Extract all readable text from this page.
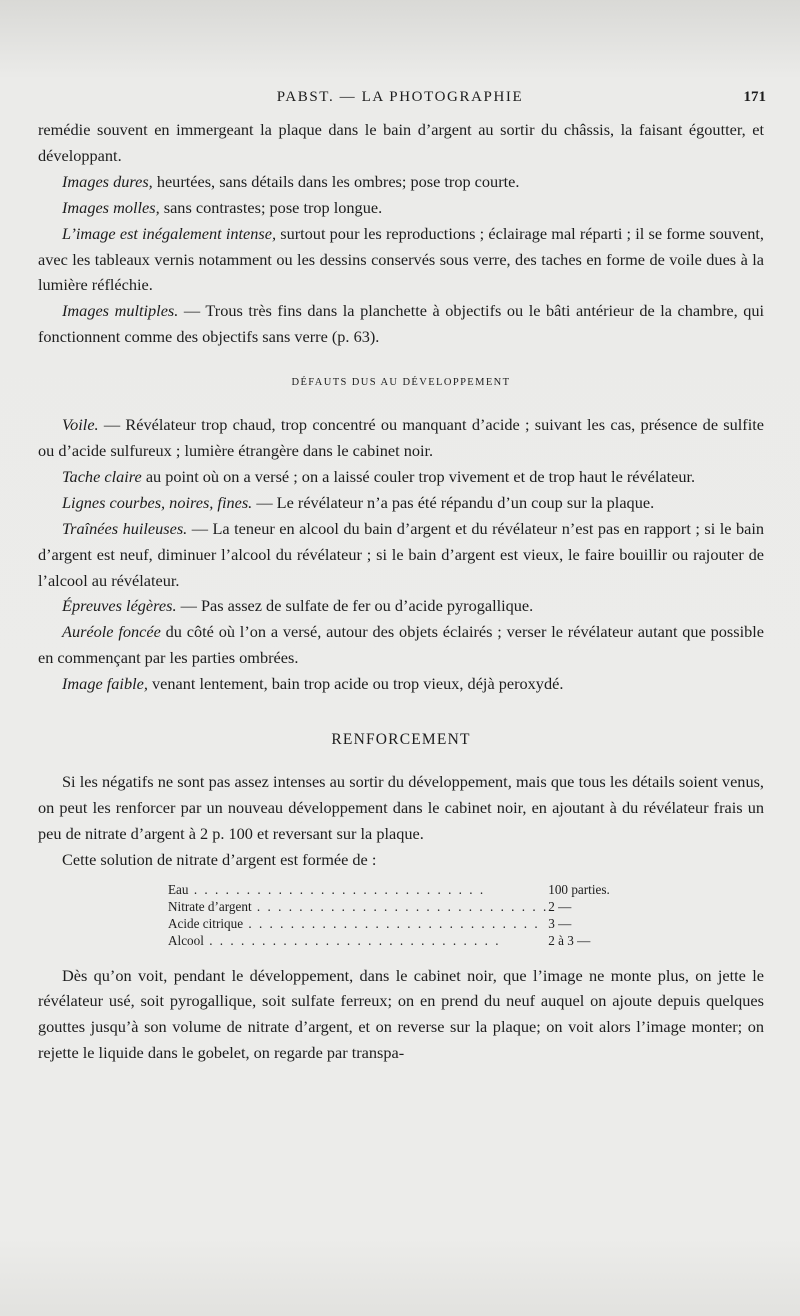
PABST. — LA PHOTOGRAPHIE	171

remédie souvent en immergeant la plaque dans le bain d’argent au sortir du châssis, la faisant égoutter, et développant.

Images dures, heurtées, sans détails dans les ombres; pose trop courte.

Images molles, sans contrastes; pose trop longue.

L’image est inégalement intense, surtout pour les reproductions ; éclairage mal réparti ; il se forme souvent, avec les tableaux vernis notamment ou les dessins conservés sous verre, des taches en forme de voile dues à la lumière réfléchie.

Images multiples. — Trous très fins dans la planchette à objectifs ou le bâti antérieur de la chambre, qui fonctionnent comme des objectifs sans verre (p. 63).

DÉFAUTS DUS AU DÉVELOPPEMENT

Voile. — Révélateur trop chaud, trop concentré ou manquant d’acide ; suivant les cas, présence de sulfite ou d’acide sulfureux ; lumière étrangère dans le cabinet noir.

Tache claire au point où on a versé ; on a laissé couler trop vivement et de trop haut le révélateur.

Lignes courbes, noires, fines. — Le révélateur n’a pas été répandu d’un coup sur la plaque.

Traînées huileuses. — La teneur en alcool du bain d’argent et du révélateur n’est pas en rapport ; si le bain d’argent est neuf, diminuer l’alcool du révélateur ; si le bain d’argent est vieux, le faire bouillir ou rajouter de l’alcool au révélateur.

Épreuves légères. — Pas assez de sulfate de fer ou d’acide pyrogallique.

Auréole foncée du côté où l’on a versé, autour des objets éclairés ; verser le révélateur autant que possible en commençant par les parties ombrées.

Image faible, venant lentement, bain trop acide ou trop vieux, déjà peroxydé.

RENFORCEMENT

Si les négatifs ne sont pas assez intenses au sortir du développement, mais que tous les détails soient venus, on peut les renforcer par un nouveau développement dans le cabinet noir, en ajoutant à du révélateur frais un peu de nitrate d’argent à 2 p. 100 et reversant sur la plaque.

Cette solution de nitrate d’argent est formée de :

Eau . . . . . . . . . . . . . . . . . . . . . . . . . . . .	100 parties.
Nitrate d’argent . . . . . . . . . . . . . . . . . . . . . . . . . . . .	2 —
Acide citrique . . . . . . . . . . . . . . . . . . . . . . . . . . . .	3 —
Alcool . . . . . . . . . . . . . . . . . . . . . . . . . . . .	2 à 3 —

Dès qu’on voit, pendant le développement, dans le cabinet noir, que l’image ne monte plus, on jette le révélateur usé, soit pyrogallique, soit sulfate ferreux; on en prend du neuf auquel on ajoute depuis quelques gouttes jusqu’à son volume de nitrate d’argent, et on reverse sur la plaque; on voit alors l’image monter; on rejette le liquide dans le gobelet, on regarde par transpa-
